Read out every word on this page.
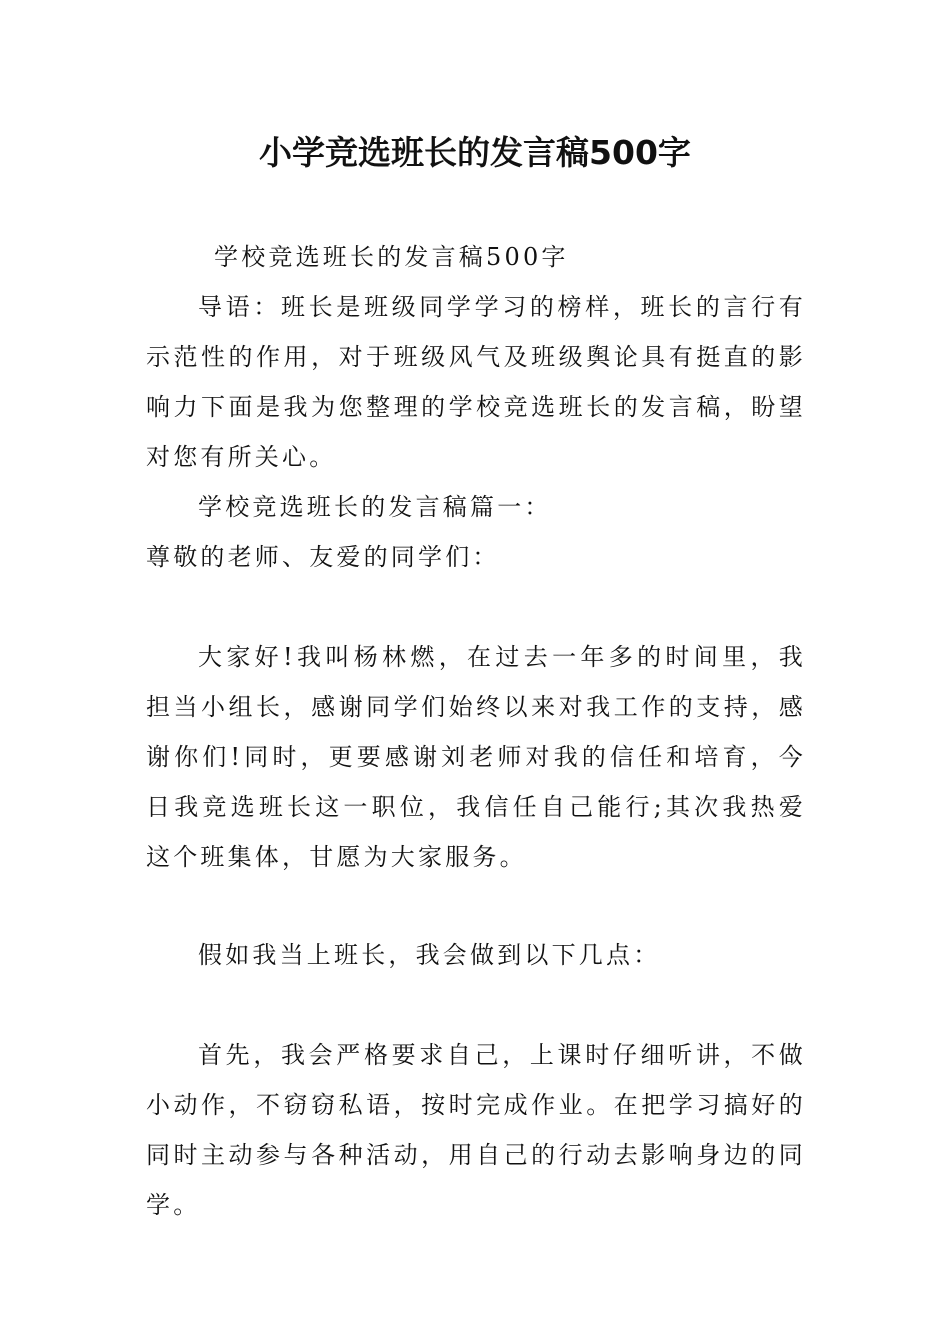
小学竞选班长的发言稿500字

学校竞选班长的发言稿500字

导语：班长是班级同学学习的榜样，班长的言行有示范性的作用，对于班级风气及班级舆论具有挺直的影响力下面是我为您整理的学校竞选班长的发言稿，盼望对您有所关心。

学校竞选班长的发言稿篇一：

尊敬的老师、友爱的同学们：

大家好!我叫杨林燃，在过去一年多的时间里，我担当小组长，感谢同学们始终以来对我工作的支持，感谢你们!同时，更要感谢刘老师对我的信任和培育，今日我竞选班长这一职位，我信任自己能行;其次我热爱这个班集体，甘愿为大家服务。

假如我当上班长，我会做到以下几点：

首先，我会严格要求自己，上课时仔细听讲，不做小动作，不窃窃私语，按时完成作业。在把学习搞好的同时主动参与各种活动，用自己的行动去影响身边的同学。
